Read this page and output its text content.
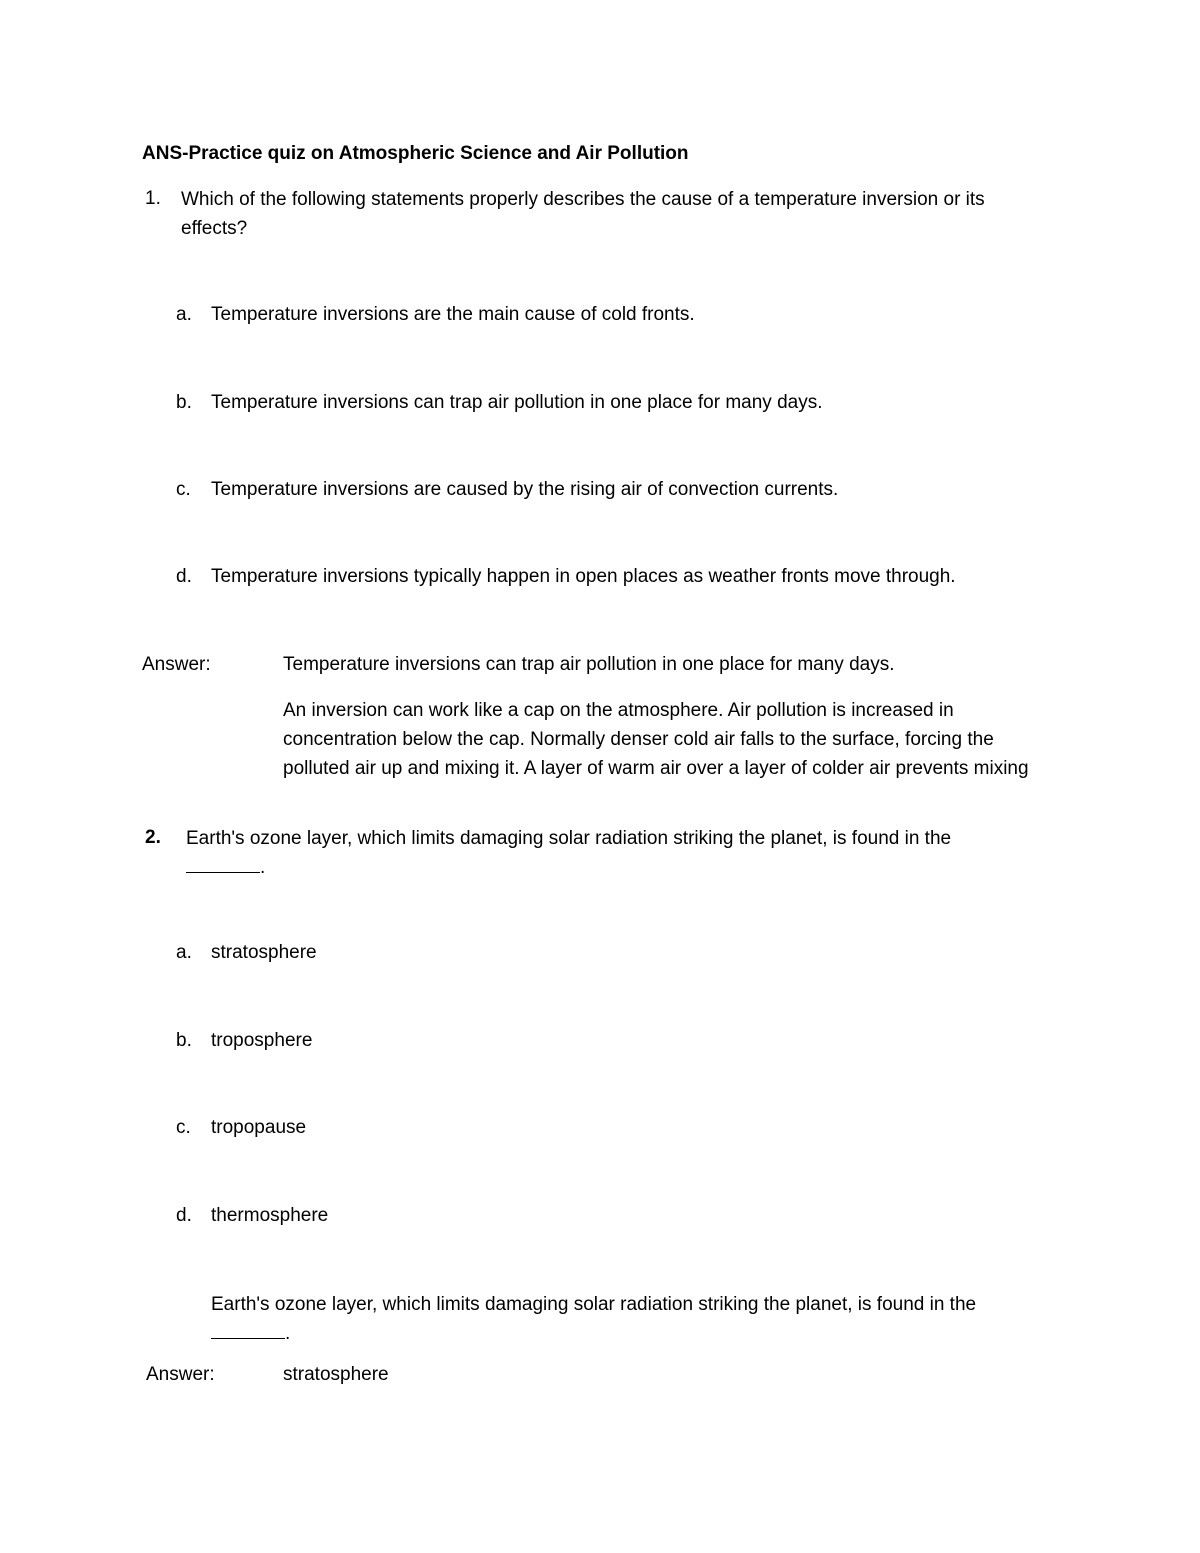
ANS-Practice quiz on Atmospheric Science and Air Pollution
1. Which of the following statements properly describes the cause of a temperature inversion or its effects?
a. Temperature inversions are the main cause of cold fronts.
b. Temperature inversions can trap air pollution in one place for many days.
c. Temperature inversions are caused by the rising air of convection currents.
d. Temperature inversions typically happen in open places as weather fronts move through.
Answer:	Temperature inversions can trap air pollution in one place for many days.
An inversion can work like a cap on the atmosphere. Air pollution is increased in concentration below the cap. Normally denser cold air falls to the surface, forcing the polluted air up and mixing it. A layer of warm air over a layer of colder air prevents mixing
2. Earth's ozone layer, which limits damaging solar radiation striking the planet, is found in the
.
a. stratosphere
b. troposphere
c. tropopause
d. thermosphere
Earth's ozone layer, which limits damaging solar radiation striking the planet, is found in the
.
Answer:	stratosphere
